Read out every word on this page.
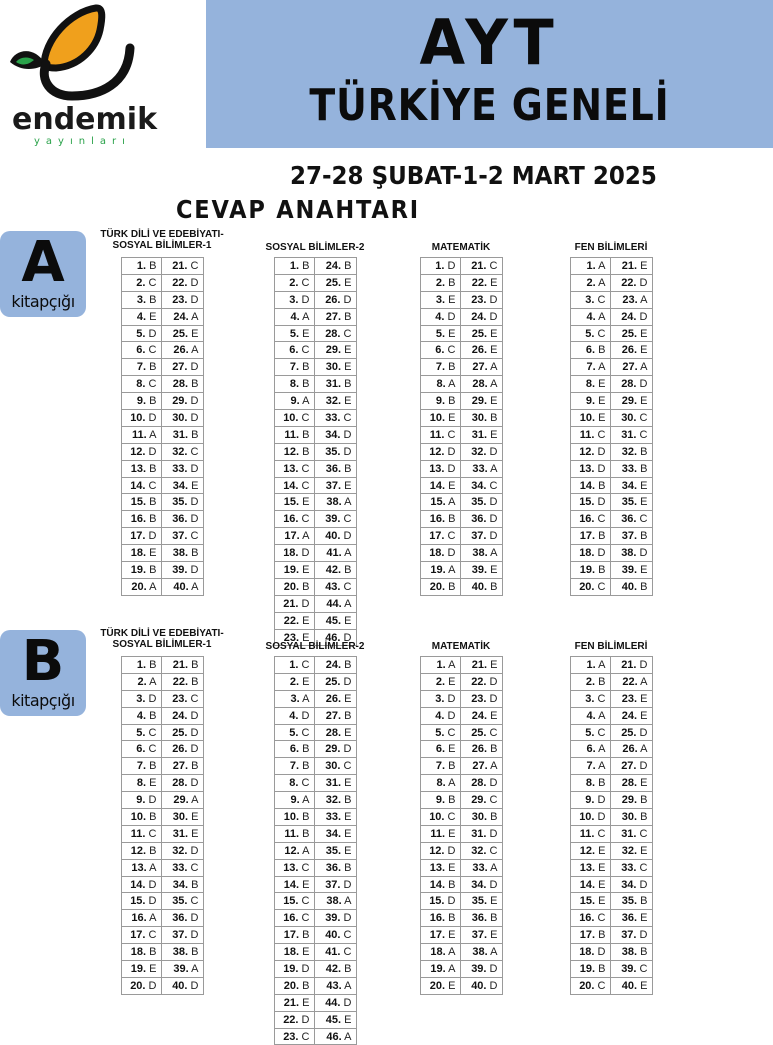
endemik
yayınları
AYT
TÜRKİYE GENELİ
27-28 ŞUBAT-1-2 MART 2025
CEVAP ANAHTARI
A
kitapçığı
TÜRK DİLİ VE EDEBİYATI-
SOSYAL BİLİMLER-1
1. B	21. C
2. C	22. D
3. B	23. D
4. E	24. A
5. D	25. E
6. C	26. A
7. B	27. D
8. C	28. B
9. B	29. D
10. D	30. D
11. A	31. B
12. D	32. C
13. B	33. D
14. C	34. E
15. B	35. D
16. B	36. D
17. D	37. C
18. E	38. B
19. B	39. D
20. A	40. A
SOSYAL BİLİMLER-2
1. B	24. B
2. C	25. E
3. D	26. D
4. A	27. B
5. E	28. C
6. C	29. E
7. B	30. E
8. B	31. B
9. A	32. E
10. C	33. C
11. B	34. D
12. B	35. D
13. C	36. B
14. C	37. E
15. E	38. A
16. C	39. C
17. A	40. D
18. D	41. A
19. E	42. B
20. B	43. C
21. D	44. A
22. E	45. E
23. E	46. D
MATEMATİK
1. D	21. C
2. B	22. E
3. E	23. D
4. D	24. D
5. E	25. E
6. C	26. E
7. B	27. A
8. A	28. A
9. B	29. E
10. E	30. B
11. C	31. E
12. D	32. D
13. D	33. A
14. E	34. C
15. A	35. D
16. B	36. D
17. C	37. D
18. D	38. A
19. A	39. E
20. B	40. B
FEN BİLİMLERİ
1. A	21. E
2. A	22. D
3. C	23. A
4. A	24. D
5. C	25. E
6. B	26. E
7. A	27. A
8. E	28. D
9. E	29. E
10. E	30. C
11. C	31. C
12. D	32. B
13. D	33. B
14. B	34. E
15. D	35. E
16. C	36. C
17. B	37. B
18. D	38. D
19. B	39. E
20. C	40. B
B
kitapçığı
TÜRK DİLİ VE EDEBİYATI-
SOSYAL BİLİMLER-1
1. B	21. B
2. A	22. B
3. D	23. C
4. B	24. D
5. C	25. D
6. C	26. D
7. B	27. B
8. E	28. D
9. D	29. A
10. B	30. E
11. C	31. E
12. B	32. D
13. A	33. C
14. D	34. B
15. D	35. C
16. A	36. D
17. C	37. D
18. B	38. B
19. E	39. A
20. D	40. D
SOSYAL BİLİMLER-2
1. C	24. B
2. E	25. D
3. A	26. E
4. D	27. B
5. C	28. E
6. B	29. D
7. B	30. C
8. C	31. E
9. A	32. B
10. B	33. E
11. B	34. E
12. A	35. E
13. C	36. B
14. E	37. D
15. C	38. A
16. C	39. D
17. B	40. C
18. E	41. C
19. D	42. B
20. B	43. A
21. E	44. D
22. D	45. E
23. C	46. A
MATEMATİK
1. A	21. E
2. E	22. D
3. D	23. D
4. D	24. E
5. C	25. C
6. E	26. B
7. B	27. A
8. A	28. D
9. B	29. C
10. C	30. B
11. E	31. D
12. D	32. C
13. E	33. A
14. B	34. D
15. D	35. E
16. B	36. B
17. E	37. E
18. A	38. A
19. A	39. D
20. E	40. D
FEN BİLİMLERİ
1. A	21. D
2. B	22. A
3. C	23. E
4. A	24. E
5. C	25. D
6. A	26. A
7. A	27. D
8. B	28. E
9. D	29. B
10. D	30. B
11. C	31. C
12. E	32. E
13. E	33. C
14. E	34. D
15. E	35. B
16. C	36. E
17. B	37. D
18. D	38. B
19. B	39. C
20. C	40. E
